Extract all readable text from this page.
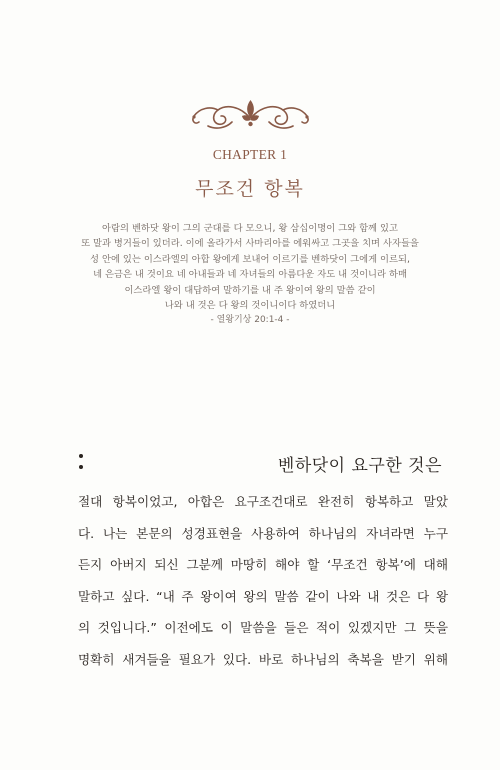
CHAPTER 1
무조건 항복
아람의 벤하닷 왕이 그의 군대를 다 모으니, 왕 삼십이명이 그와 함께 있고
또 말과 병거들이 있더라. 이에 올라가서 사마리아를 에워싸고 그곳을 치며 사자들을
성 안에 있는 이스라엘의 아합 왕에게 보내어 이르기를 벤하닷이 그에게 이르되,
네 은금은 내 것이요 네 아내들과 네 자녀들의 아름다운 자도 내 것이니라 하매
이스라엘 왕이 대답하여 말하기를 내 주 왕이여 왕의 말씀 같이
나와 내 것은 다 왕의 것이니이다 하였더니
- 열왕기상 20:1-4 -
벤하닷이 요구한 것은
절대 항복이었고, 아합은 요구조건대로 완전히 항복하고 말았
다. 나는 본문의 성경표현을 사용하여 하나님의 자녀라면 누구
든지 아버지 되신 그분께 마땅히 해야 할 ‘무조건 항복’에 대해
말하고 싶다. “내 주 왕이여 왕의 말씀 같이 나와 내 것은 다 왕
의 것입니다.” 이전에도 이 말씀을 들은 적이 있겠지만 그 뜻을
명확히 새겨들을 필요가 있다. 바로 하나님의 축복을 받기 위해
